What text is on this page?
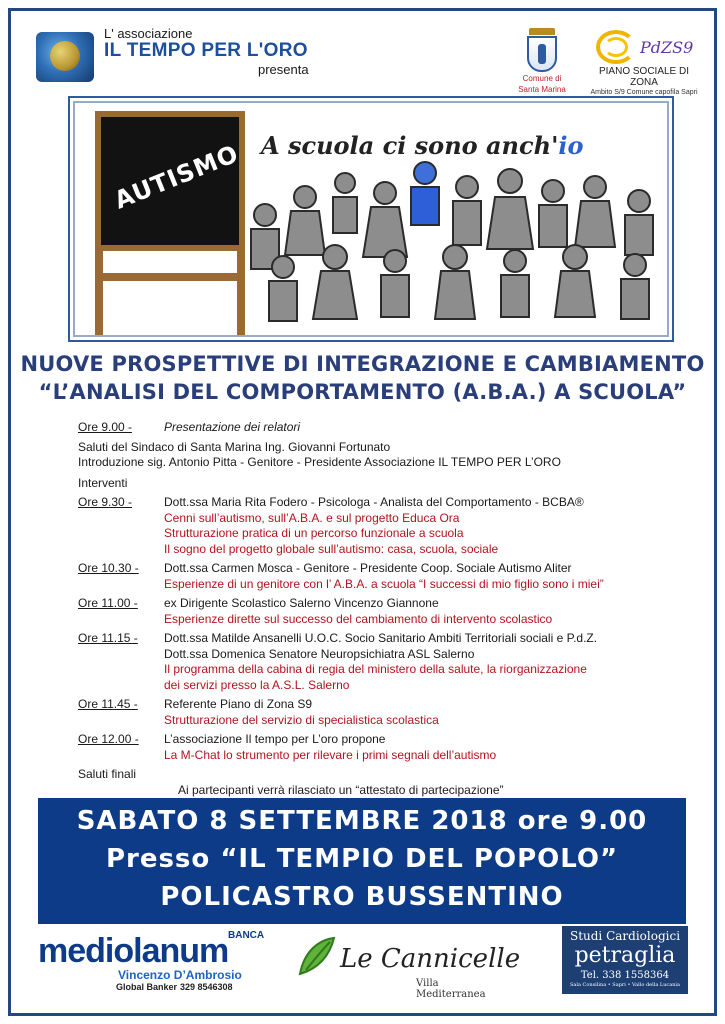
L' associazione
IL TEMPO PER L'ORO
presenta
Comune di
Santa Marina
PdZS9
PIANO SOCIALE DI ZONA
Ambito S/9 Comune capofila Sapri
AUTISMO A scuola ci sono anch'io
NUOVE PROSPETTIVE DI INTEGRAZIONE E CAMBIAMENTO
“L’ANALISI DEL COMPORTAMENTO (A.B.A.) A SCUOLA”
Ore 9.00 -	Presentazione dei relatori
Saluti del Sindaco di Santa Marina Ing. Giovanni Fortunato
Introduzione sig. Antonio Pitta - Genitore - Presidente Associazione IL TEMPO PER L’ORO
Interventi
Ore 9.30 -	Dott.ssa Maria Rita Fodero - Psicologa - Analista del Comportamento - BCBA®
Cenni sull’autismo, sull’A.B.A. e sul progetto Educa Ora
Strutturazione pratica di un percorso funzionale a scuola
Il sogno del progetto globale sull’autismo: casa, scuola, sociale
Ore 10.30 -	Dott.ssa Carmen Mosca - Genitore - Presidente Coop. Sociale Autismo Aliter
Esperienze di un genitore con l’ A.B.A. a scuola “I successi di mio figlio sono i miei”
Ore 11.00 -	ex Dirigente Scolastico Salerno Vincenzo Giannone
Esperienze dirette sul successo del cambiamento di intervento scolastico
Ore 11.15 -	Dott.ssa Matilde Ansanelli U.O.C. Socio Sanitario Ambiti Territoriali sociali e P.d.Z.
Dott.ssa Domenica Senatore Neuropsichiatra ASL Salerno
Il programma della cabina di regia del ministero della salute, la riorganizzazione
dei servizi presso la A.S.L. Salerno
Ore 11.45 -	Referente Piano di Zona S9
Strutturazione del servizio di specialistica scolastica
Ore 12.00 -	L’associazione Il tempo per L’oro propone
La M-Chat lo strumento per rilevare i primi segnali dell’autismo
Saluti finali
Ai partecipanti verrà rilasciato un “attestato di partecipazione”
SABATO 8 SETTEMBRE 2018 ore 9.00
Presso “IL TEMPIO DEL POPOLO”
POLICASTRO BUSSENTINO
BANCA
mediolanum
Vincenzo D’Ambrosio
Global Banker 329 8546308
Le Cannicelle
Villa Mediterranea
Studi Cardiologici
petraglia
Tel. 338 1558364
Sala Consilina • Sapri • Vallo della Lucania
